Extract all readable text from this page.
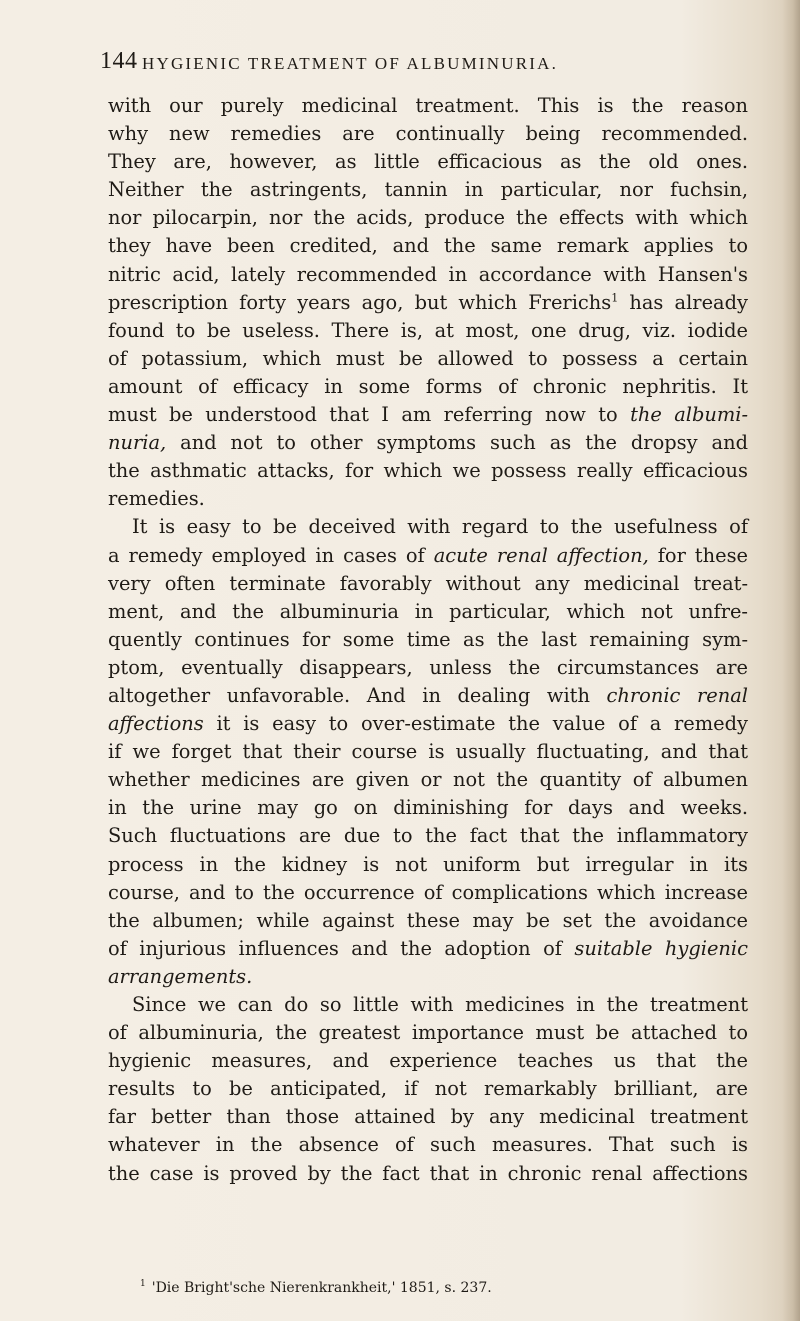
144 HYGIENIC TREATMENT OF ALBUMINURIA.
with our purely medicinal treatment. This is the reason
why new remedies are continually being recommended.
They are, however, as little efficacious as the old ones.
Neither the astringents, tannin in particular, nor fuchsin,
nor pilocarpin, nor the acids, produce the effects with which
they have been credited, and the same remark applies to
nitric acid, lately recommended in accordance with Hansen's
prescription forty years ago, but which Frerichs$^1$ has already
found to be useless. There is, at most, one drug, viz. iodide
of potassium, which must be allowed to possess a certain
amount of efficacy in some forms of chronic nephritis. It
must be understood that I am referring now to the albumi-
nuria, and not to other symptoms such as the dropsy and
the asthmatic attacks, for which we possess really efficacious
remedies.
It is easy to be deceived with regard to the usefulness of
a remedy employed in cases of acute renal affection, for these
very often terminate favorably without any medicinal treat-
ment, and the albuminuria in particular, which not unfre-
quently continues for some time as the last remaining sym-
ptom, eventually disappears, unless the circumstances are
altogether unfavorable. And in dealing with chronic renal
affections it is easy to over-estimate the value of a remedy
if we forget that their course is usually fluctuating, and that
whether medicines are given or not the quantity of albumen
in the urine may go on diminishing for days and weeks.
Such fluctuations are due to the fact that the inflammatory
process in the kidney is not uniform but irregular in its
course, and to the occurrence of complications which increase
the albumen; while against these may be set the avoidance
of injurious influences and the adoption of suitable hygienic
arrangements.
Since we can do so little with medicines in the treatment
of albuminuria, the greatest importance must be attached to
hygienic measures, and experience teaches us that the
results to be anticipated, if not remarkably brilliant, are
far better than those attained by any medicinal treatment
whatever in the absence of such measures. That such is
the case is proved by the fact that in chronic renal affections
$^1$ 'Die Bright'sche Nierenkrankheit,' 1851, s. 237.
